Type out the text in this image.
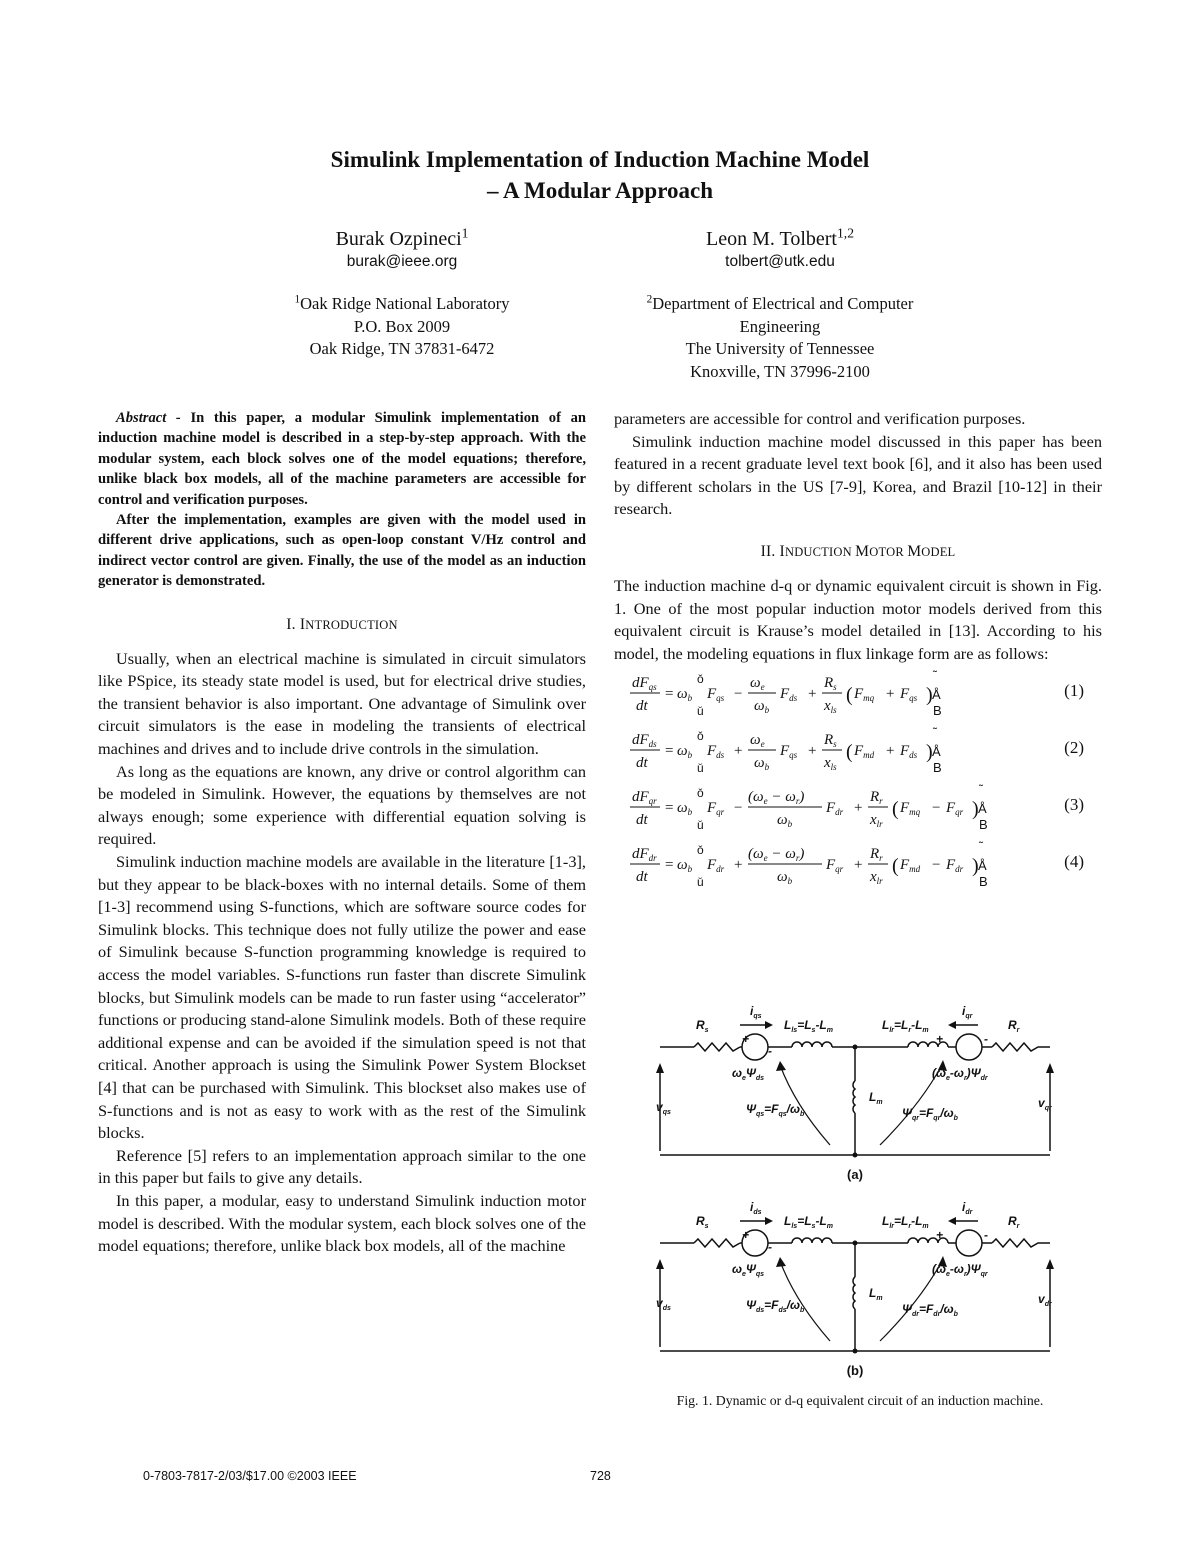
Simulink Implementation of Induction Machine Model
– A Modular Approach
Burak Ozpineci$^1$
burak@ieee.org
$^1$Oak Ridge National Laboratory
P.O. Box 2009
Oak Ridge, TN 37831-6472
Leon M. Tolbert$^{1,2}$
tolbert@utk.edu
$^2$Department of Electrical and Computer
Engineering
The University of Tennessee
Knoxville, TN 37996-2100

Abstract - In this paper, a modular Simulink implementation of an induction machine model is described in a step-by-step approach. With the modular system, each block solves one of the model equations; therefore, unlike black box models, all of the machine parameters are accessible for control and verification purposes.

After the implementation, examples are given with the model used in different drive applications, such as open-loop constant V/Hz control and indirect vector control are given. Finally, the use of the model as an induction generator is demonstrated.

I. INTRODUCTION

Usually, when an electrical machine is simulated in circuit simulators like PSpice, its steady state model is used, but for electrical drive studies, the transient behavior is also important. One advantage of Simulink over circuit simulators is the ease in modeling the transients of electrical machines and drives and to include drive controls in the simulation.

As long as the equations are known, any drive or control algorithm can be modeled in Simulink. However, the equations by themselves are not always enough; some experience with differential equation solving is required.

Simulink induction machine models are available in the literature [1-3], but they appear to be black-boxes with no internal details. Some of them [1-3] recommend using S-functions, which are software source codes for Simulink blocks. This technique does not fully utilize the power and ease of Simulink because S-function programming knowledge is required to access the model variables. S-functions run faster than discrete Simulink blocks, but Simulink models can be made to run faster using “accelerator” functions or producing stand-alone Simulink models. Both of these require additional expense and can be avoided if the simulation speed is not that critical. Another approach is using the Simulink Power System Blockset [4] that can be purchased with Simulink. This blockset also makes use of S-functions and is not as easy to work with as the rest of the Simulink blocks.

Reference [5] refers to an implementation approach similar to the one in this paper but fails to give any details.

In this paper, a modular, easy to understand Simulink induction motor model is described. With the modular system, each block solves one of the model equations; therefore, unlike black box models, all of the machine

parameters are accessible for control and verification purposes.

Simulink induction machine model discussed in this paper has been featured in a recent graduate level text book [6], and it also has been used by different scholars in the US [7-9], Korea, and Brazil [10-12] in their research.

II. INDUCTION MOTOR MODEL

The induction machine d-q or dynamic equivalent circuit is shown in Fig. 1. One of the most popular induction motor models derived from this equivalent circuit is Krause’s model detailed in [13]. According to his model, the modeling equations in flux linkage form are as follows:

$dF_{qs}$
dt
= $\omega_b$
ǒ
ǔ
$F_{qs}$ −
$\omega_e$
$\omega_b$
$F_{ds}$ +
$R_s$
$x_{ls}$
( $F_{mq} + F_{qs}$ )
˜
Å
B
(1)
$dF_{ds}$
dt
= $\omega_b$
ǒ
ǔ
$F_{ds}$ +
$\omega_e$
$\omega_b$
$F_{qs}$ +
$R_s$
$x_{ls}$
( $F_{md} + F_{ds}$ )
˜
Å
B
(2)
$dF_{qr}$
dt
= $\omega_b$
ǒ
ǔ
$F_{qr}$ −
$(\omega_e - \omega_r)$
$\omega_b$
$F_{dr}$ +
$R_r$
$x_{lr}$
( $F_{mq} - F_{qr}$ )
˜
Å
B
(3)
$dF_{dr}$
dt
= $\omega_b$
ǒ
ǔ
$F_{dr}$ +
$(\omega_e - \omega_r)$
$\omega_b$
$F_{qr}$ +
$R_r$
$x_{lr}$
( $F_{md} - F_{dr}$ )
˜
Å
B
(4)
$R_s$	$R_r$
$i_{qs}$	$i_{qr}$
+
-
+	-
$L_{ls}=L_s-L_m$	$L_{lr}=L_r-L_m$
$L_m$
$v_{qs}$
$v_{qr}$
$\omega_e\Psi_{ds}$	$(\omega_e-\omega_r)\Psi_{dr}$
$\Psi_{qs}=F_{qs}/\omega_b$	$\Psi_{qr}=F_{qr}/\omega_b$
(a)

$R_s$	$R_r$
$i_{ds}$	$i_{dr}$
+
-
+	-
$L_{ls}=L_s-L_m$	$L_{lr}=L_r-L_m$
$L_m$
$v_{ds}$
$v_{dr}$
$\omega_e\Psi_{qs}$	$(\omega_e-\omega_r)\Psi_{qr}$
$\Psi_{ds}=F_{ds}/\omega_b$	$\Psi_{dr}=F_{dr}/\omega_b$
(b)
Fig. 1. Dynamic or d-q equivalent circuit of an induction machine.
0-7803-7817-2/03/$17.00 ©2003 IEEE	728
